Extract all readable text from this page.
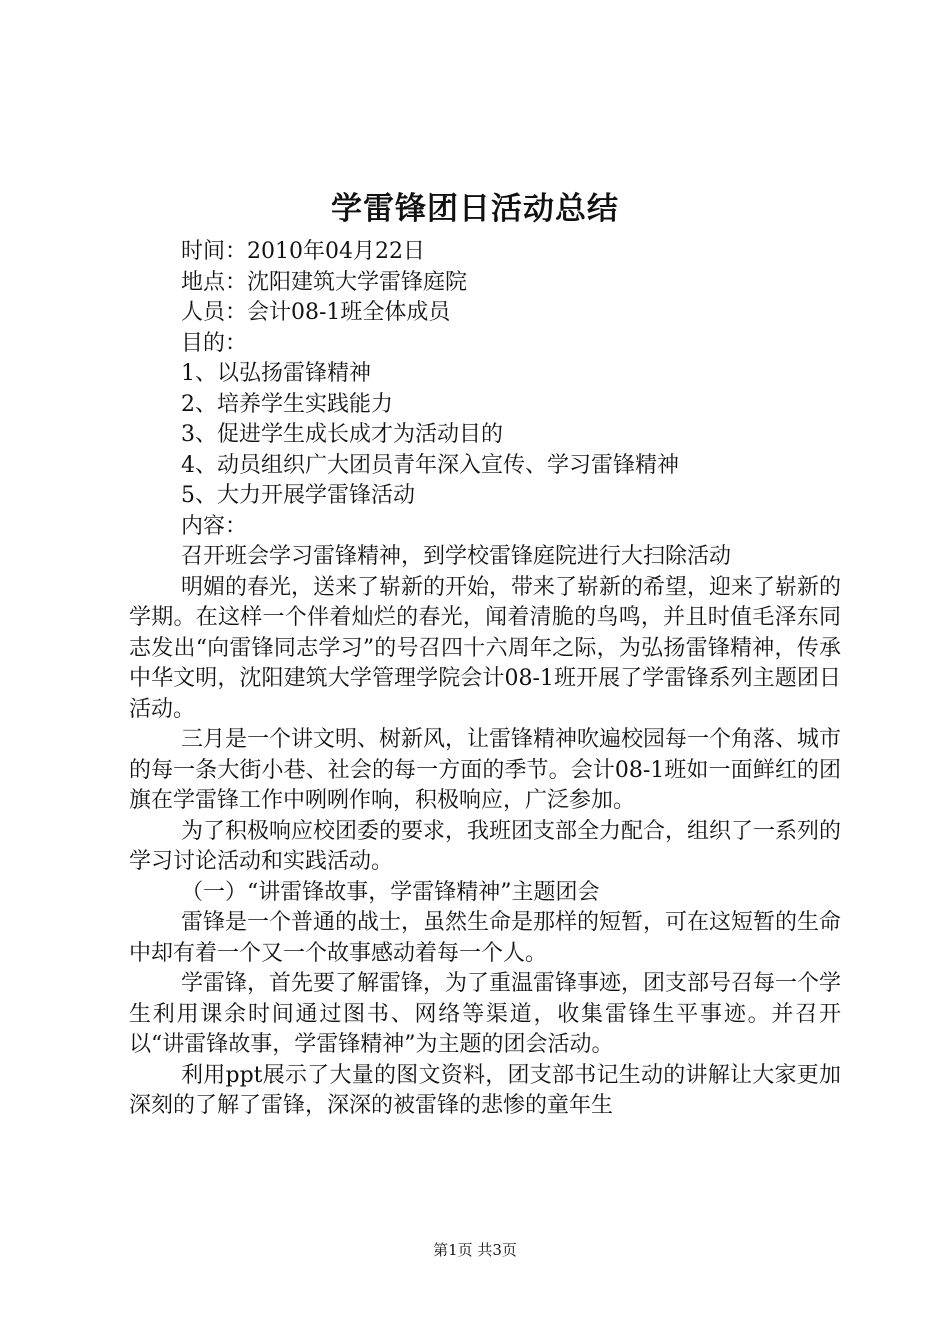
学雷锋团日活动总结
时间：2010年04月22日
地点：沈阳建筑大学雷锋庭院
人员：会计08-1班全体成员
目的：
1、以弘扬雷锋精神
2、培养学生实践能力
3、促进学生成长成才为活动目的
4、动员组织广大团员青年深入宣传、学习雷锋精神
5、大力开展学雷锋活动
内容：
召开班会学习雷锋精神，到学校雷锋庭院进行大扫除活动
明媚的春光，送来了崭新的开始，带来了崭新的希望，迎来了崭新的学期。在这样一个伴着灿烂的春光，闻着清脆的鸟鸣，并且时值毛泽东同志发出“向雷锋同志学习”的号召四十六周年之际，为弘扬雷锋精神，传承中华文明，沈阳建筑大学管理学院会计08-1班开展了学雷锋系列主题团日活动。
三月是一个讲文明、树新风，让雷锋精神吹遍校园每一个角落、城市的每一条大街小巷、社会的每一方面的季节。会计08-1班如一面鲜红的团旗在学雷锋工作中咧咧作响，积极响应，广泛参加。
为了积极响应校团委的要求，我班团支部全力配合，组织了一系列的学习讨论活动和实践活动。
（一）“讲雷锋故事，学雷锋精神”主题团会
雷锋是一个普通的战士，虽然生命是那样的短暂，可在这短暂的生命中却有着一个又一个故事感动着每一个人。
学雷锋，首先要了解雷锋，为了重温雷锋事迹，团支部号召每一个学生利用课余时间通过图书、网络等渠道，收集雷锋生平事迹。并召开以“讲雷锋故事，学雷锋精神”为主题的团会活动。
利用ppt展示了大量的图文资料，团支部书记生动的讲解让大家更加深刻的了解了雷锋，深深的被雷锋的悲惨的童年生
第1页 共3页
